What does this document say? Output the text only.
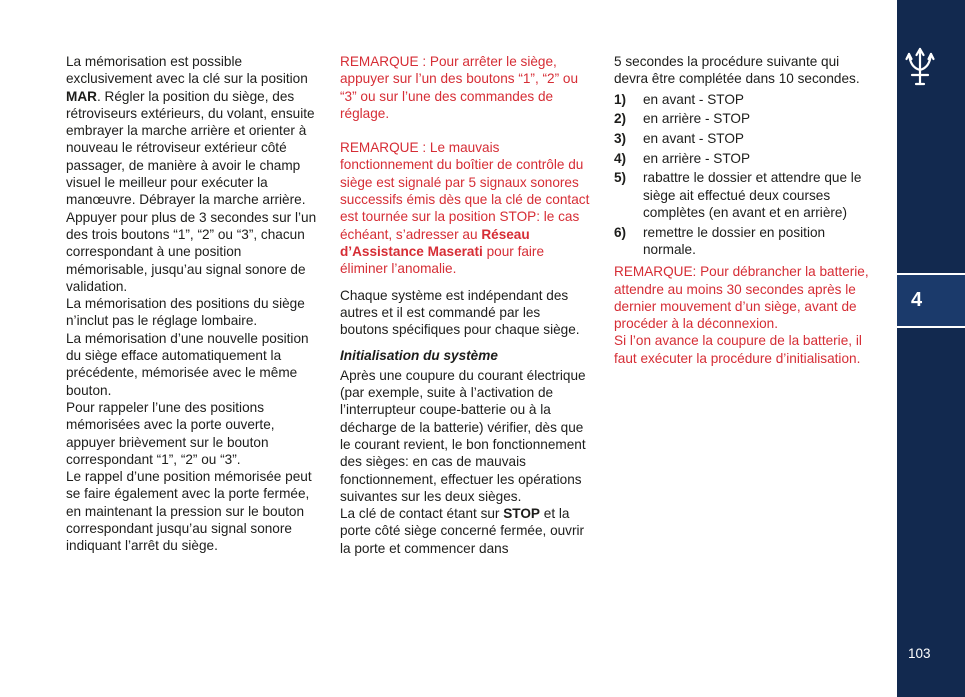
La mémorisation est possible exclusivement avec la clé sur la position MAR. Régler la position du siège, des rétroviseurs extérieurs, du volant, ensuite embrayer la marche arrière et orienter à nouveau le rétroviseur extérieur côté passager, de manière à avoir le champ visuel le meilleur pour exécuter la manœuvre. Débrayer la marche arrière. Appuyer pour plus de 3 secondes sur l’un des trois boutons “1”, “2” ou “3”, chacun correspondant à une position mémorisable, jusqu’au signal sonore de validation.

La mémorisation des positions du siège n’inclut pas le réglage lombaire.

La mémorisation d’une nouvelle position du siège efface automatiquement la précédente, mémorisée avec le même bouton.

Pour rappeler l’une des positions mémorisées avec la porte ouverte, appuyer brièvement sur le bouton correspondant “1”, “2” ou “3”.

Le rappel d’une position mémorisée peut se faire également avec la porte fermée, en maintenant la pression sur le bouton correspondant jusqu’au signal sonore indiquant l’arrêt du siège.

REMARQUE : Pour arrêter le siège, appuyer sur l’un des boutons “1”, “2” ou “3” ou sur l’une des commandes de réglage.

REMARQUE : Le mauvais fonctionnement du boîtier de contrôle du siège est signalé par 5 signaux sonores successifs émis dès que la clé de contact est tournée sur la position STOP: le cas échéant, s’adresser au Réseau d’Assistance Maserati pour faire éliminer l’anomalie.

Chaque système est indépendant des autres et il est commandé par les boutons spécifiques pour chaque siège.

Initialisation du système

Après une coupure du courant électrique (par exemple, suite à l’activation de l’interrupteur coupe-batterie ou à la décharge de la batterie) vérifier, dès que le courant revient, le bon fonctionnement des sièges: en cas de mauvais fonctionnement, effectuer les opérations suivantes sur les deux sièges.

La clé de contact étant sur STOP et la porte côté siège concerné fermée, ouvrir la porte et commencer dans

5 secondes la procédure suivante qui devra être complétée dans 10 secondes.

1) en avant - STOP
2) en arrière - STOP
3) en avant - STOP
4) en arrière - STOP
5) rabattre le dossier et attendre que le siège ait effectué deux courses complètes (en avant et en arrière)
6) remettre le dossier en position normale.

REMARQUE: Pour débrancher la batterie, attendre au moins 30 secondes après le dernier mouvement d’un siège, avant de procéder à la déconnexion.

Si l’on avance la coupure de la batterie, il faut exécuter la procédure d’initialisation.

4
103
